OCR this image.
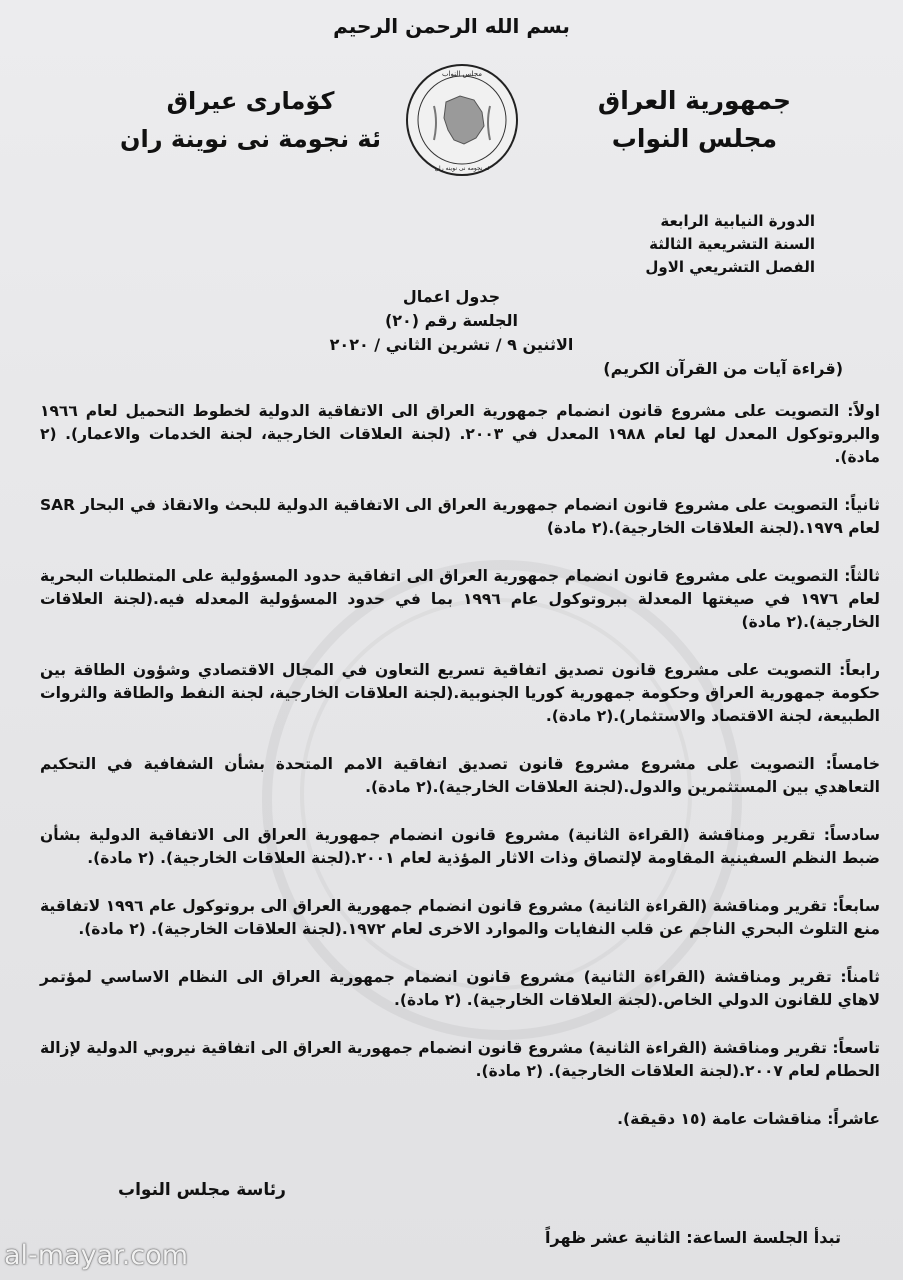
بسم الله الرحمن الرحيم
جمهورية العراق
مجلس النواب
كۆمارى عيراق
ئة نجومة نى نوينة ران
مجلس النواب
ئه نجومه نى نوينه ران
الدورة النيابية الرابعة
السنة التشريعية الثالثة
الفصل التشريعي الاول
جدول اعمال
الجلسة رقم (٢٠)
الاثنين ٩ / تشرين الثاني / ٢٠٢٠
(قراءة آيات من القرآن الكريم)
اولاً: التصويت على مشروع قانون انضمام جمهورية العراق الى الاتفاقية الدولية لخطوط التحميل لعام ١٩٦٦ والبروتوكول المعدل لها لعام ١٩٨٨ المعدل في ٢٠٠٣. (لجنة العلاقات الخارجية، لجنة الخدمات والاعمار). (٢ مادة).
ثانياً: التصويت على مشروع قانون انضمام جمهورية العراق الى الاتفاقية الدولية للبحث والانقاذ في البحار SAR لعام ١٩٧٩.(لجنة العلاقات الخارجية).(٢ مادة)
ثالثاً: التصويت على مشروع قانون انضمام جمهورية العراق الى اتفاقية حدود المسؤولية على المتطلبات البحرية لعام ١٩٧٦ في صيغتها المعدلة ببروتوكول عام ١٩٩٦ بما في حدود المسؤولية المعدله فيه.(لجنة العلاقات الخارجية).(٢ مادة)
رابعاً: التصويت على مشروع قانون تصديق اتفاقية تسريع التعاون في المجال الاقتصادي وشؤون الطاقة بين حكومة جمهورية العراق وحكومة جمهورية كوريا الجنوبية.(لجنة العلاقات الخارجية، لجنة النفط والطاقة والثروات الطبيعة، لجنة الاقتصاد والاستثمار).(٢ مادة).
خامساً: التصويت على مشروع مشروع قانون تصديق اتفاقية الامم المتحدة بشأن الشفافية في التحكيم التعاهدي بين المستثمرين والدول.(لجنة العلاقات الخارجية).(٢ مادة).
سادساً: تقرير ومناقشة (القراءة الثانية) مشروع قانون انضمام جمهورية العراق الى الاتفاقية الدولية بشأن ضبط النظم السفينية المقاومة لإلتصاق وذات الاثار المؤذية لعام ٢٠٠١.(لجنة العلاقات الخارجية). (٢ مادة).
سابعاً: تقرير ومناقشة (القراءة الثانية) مشروع قانون انضمام جمهورية العراق الى بروتوكول عام ١٩٩٦ لاتفاقية منع التلوث البحري الناجم عن قلب النفايات والموارد الاخرى لعام ١٩٧٢.(لجنة العلاقات الخارجية). (٢ مادة).
ثامناً: تقرير ومناقشة (القراءة الثانية) مشروع قانون انضمام جمهورية العراق الى النظام الاساسي لمؤتمر لاهاي للقانون الدولي الخاص.(لجنة العلاقات الخارجية). (٢ مادة).
تاسعاً: تقرير ومناقشة (القراءة الثانية) مشروع قانون انضمام جمهورية العراق الى اتفاقية نيروبي الدولية لإزالة الحطام لعام ٢٠٠٧.(لجنة العلاقات الخارجية). (٢ مادة).
عاشراً: مناقشات عامة (١٥ دقيقة).
رئاسة مجلس النواب
تبدأ الجلسة الساعة: الثانية عشر ظهراً
al-mayar.com
